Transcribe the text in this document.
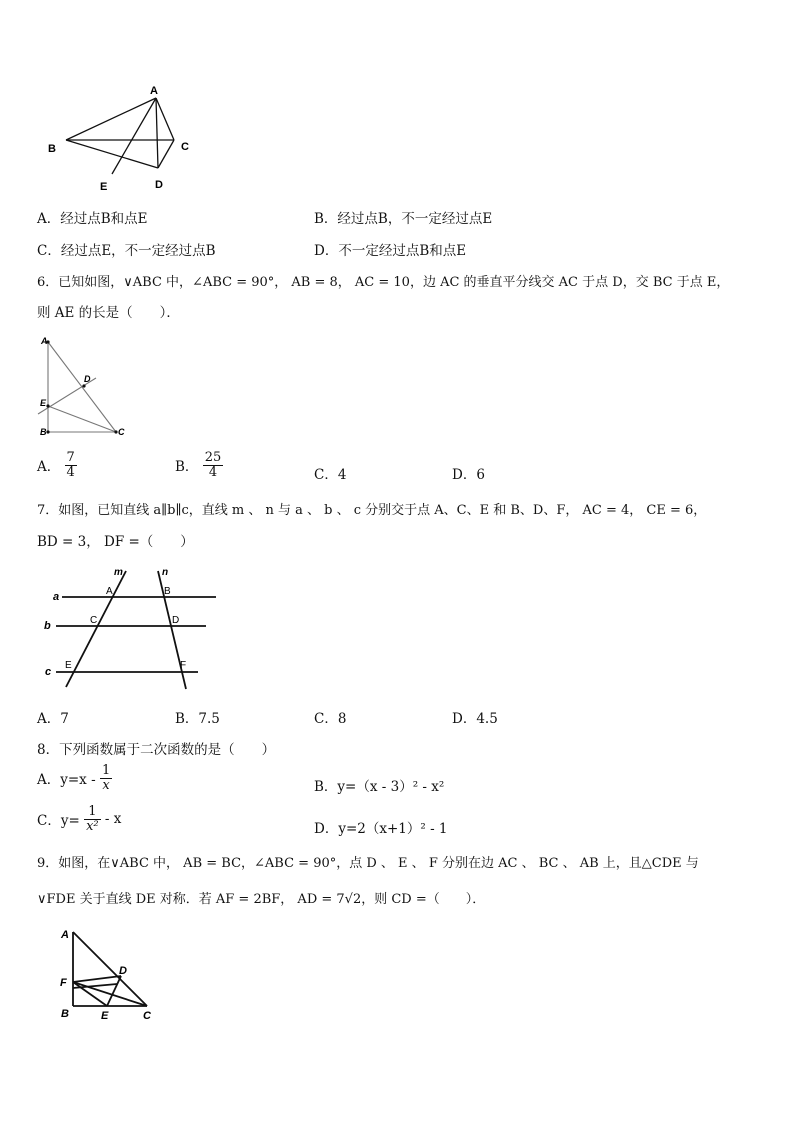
A
B	C
D
E
A．经过点B和点E	B．经过点B，不一定经过点E
C．经过点E，不一定经过点B	D．不一定经过点B和点E
6．已知如图，∨ABC 中，∠ABC = 90°， AB = 8， AC = 10，边 AC 的垂直平分线交 AC 于点 D，交 BC 于点 E，
则 AE 的长是（　　）．
A
D
E
B	C
A． $\frac{7}{4}$	B． $\frac{25}{4}$	C．4	D．6
7．如图，已知直线 a∥b∥c，直线 m 、 n 与 a 、 b 、 c 分别交于点 A、C、E 和 B、D、F， AC = 4， CE = 6，
BD = 3， DF =（　　）
m	n
a
b
c
A	B
C	D
E	F
A．7	B．7.5	C．8	D．4.5
8．下列函数属于二次函数的是（　　）
A．$y=x - \frac{1}{x}$	B．y=（x - 3）² - x²
C．$y= \frac{1}{\text{x²}} - x$
D．y=2（x+1）² - 1
9．如图，在∨ABC 中， AB = BC，∠ABC = 90°，点 D 、 E 、 F 分别在边 AC 、 BC 、 AB 上，且△CDE 与
∨FDE 关于直线 DE 对称．若 AF = 2BF， AD = 7√2，则 CD =（　　）．
A
F
D
B	E	C
